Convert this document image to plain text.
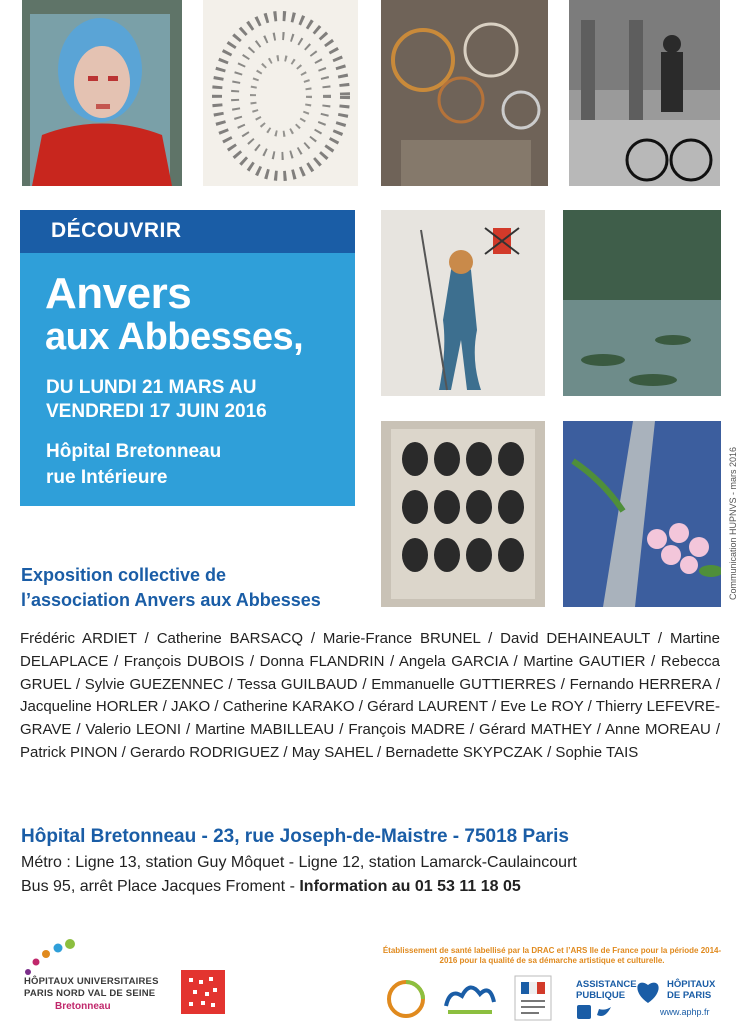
DÉCOUVRIR
Anvers
aux Abbesses,
DU LUNDI 21 MARS AU
VENDREDI 17 JUIN 2016
Hôpital Bretonneau
rue Intérieure	Communication HUPNVS - mars 2016
Exposition collective de
l’association Anvers aux Abbesses
Frédéric ARDIET / Catherine BARSACQ / Marie-France BRUNEL / David DEHAINEAULT / Martine DELAPLACE / François DUBOIS / Donna FLANDRIN / Angela GARCIA / Martine GAUTIER / Rebecca GRUEL / Sylvie GUEZENNEC / Tessa GUILBAUD / Emmanuelle GUTTIERRES / Fernando HERRERA / Jacqueline HORLER / JAKO / Catherine KARAKO / Gérard LAURENT / Eve Le ROY / Thierry LEFEVRE-GRAVE / Valerio LEONI / Martine MABILLEAU / François MADRE / Gérard MATHEY / Anne MOREAU / Patrick PINON / Gerardo RODRIGUEZ / May SAHEL / Bernadette SKYPCZAK / Sophie TAIS
Hôpital Bretonneau - 23, rue Joseph-de-Maistre - 75018 Paris
Métro : Ligne 13, station Guy Môquet - Ligne 12, station Lamarck-Caulaincourt
Bus 95, arrêt Place Jacques Froment - Information au 01 53 11 18 05
HÔPITAUX UNIVERSITAIRES
PARIS NORD VAL DE SEINE
Bretonneau
Établissement de santé labellisé par la DRAC et l’ARS Ile de France pour la période 2014-2016 pour la qualité de sa démarche artistique et culturelle.
ASSISTANCE
PUBLIQUE
HÔPITAUX
DE PARIS
www.aphp.fr
